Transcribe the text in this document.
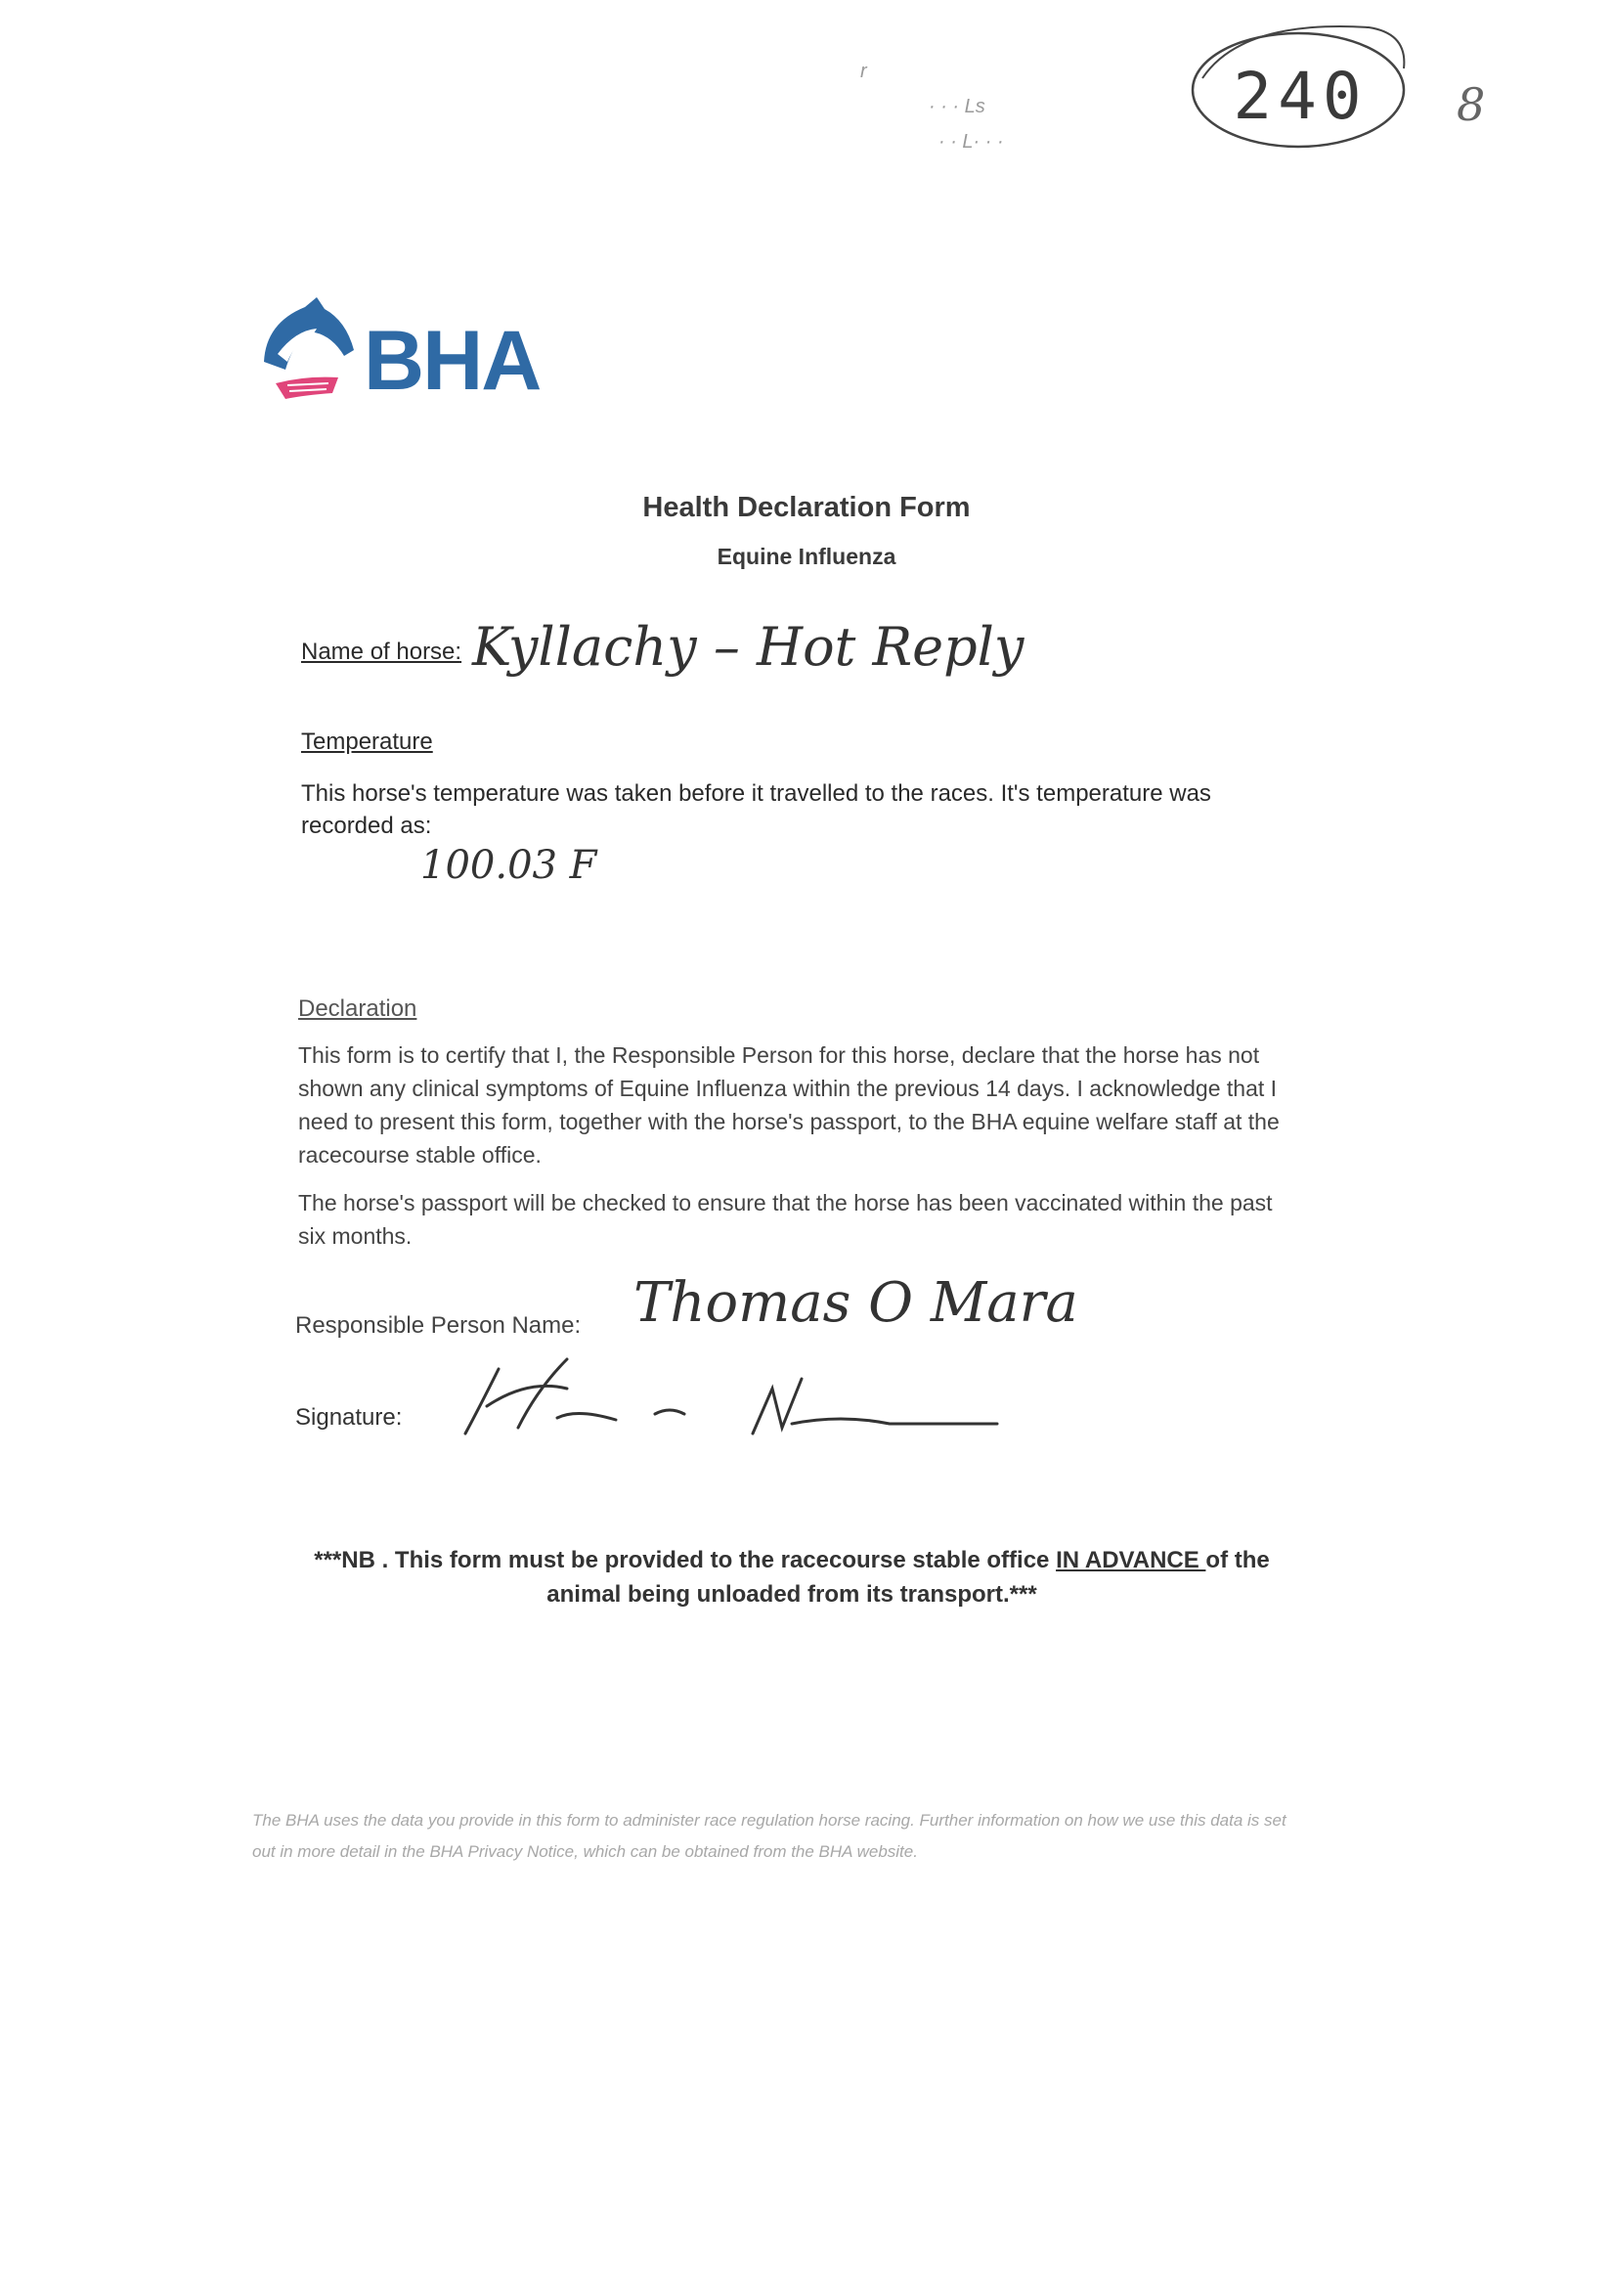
240 8
r
· · · Ls
· · L· · ·
BHA
Health Declaration Form
Equine Influenza
Name of horse: Kyllachy – Hot Reply
Temperature
This horse's temperature was taken before it travelled to the races. It's temperature was recorded as:
100.03 F
Declaration
This form is to certify that I, the Responsible Person for this horse, declare that the horse has not shown any clinical symptoms of Equine Influenza within the previous 14 days. I acknowledge that I need to present this form, together with the horse's passport, to the BHA equine welfare staff at the racecourse stable office.
The horse's passport will be checked to ensure that the horse has been vaccinated within the past six months.
Responsible Person Name: Thomas O Mara
Signature:
***NB . This form must be provided to the racecourse stable office IN ADVANCE of the animal being unloaded from its transport.***
The BHA uses the data you provide in this form to administer race regulation horse racing. Further information on how we use this data is set out in more detail in the BHA Privacy Notice, which can be obtained from the BHA website.
